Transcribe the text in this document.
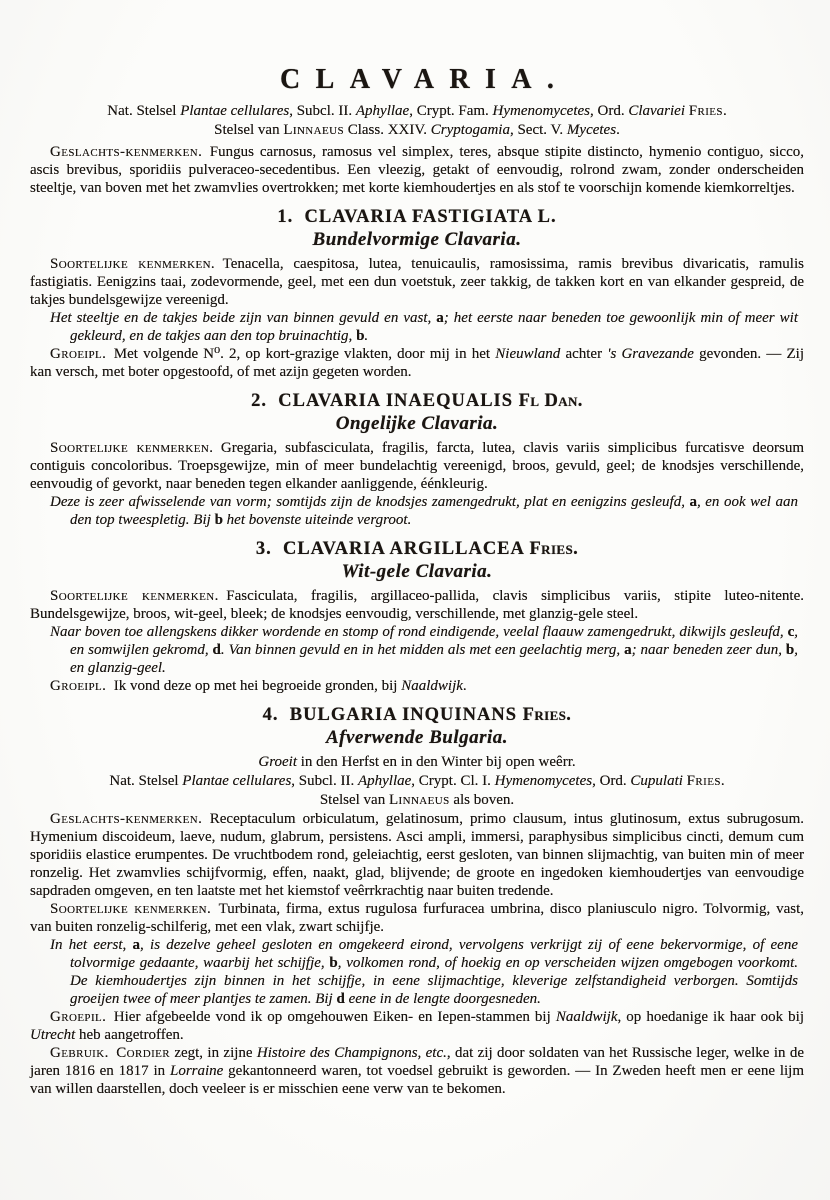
CLAVARIA.

Nat. Stelsel Plantae cellulares, Subcl. II. Aphyllae, Crypt. Fam. Hymenomycetes, Ord. Clavariei Fries.

Stelsel van Linnaeus Class. XXIV. Cryptogamia, Sect. V. Mycetes.

Geslachts-kenmerken. Fungus carnosus, ramosus vel simplex, teres, absque stipite distincto, hymenio contiguo, sicco, ascis brevibus, sporidiis pulveraceo-secedentibus. Een vleezig, getakt of eenvoudig, rolrond zwam, zonder onderscheiden steeltje, van boven met het zwamvlies overtrokken; met korte kiemhoudertjes en als stof te voorschijn komende kiemkorreltjes.

1.  CLAVARIA FASTIGIATA L.
Bundelvormige Clavaria.

Soortelijke kenmerken. Tenacella, caespitosa, lutea, tenuicaulis, ramosissima, ramis brevibus divaricatis, ramulis fastigiatis. Eenigzins taai, zodevormende, geel, met een dun voetstuk, zeer takkig, de takken kort en van elkander gespreid, de takjes bundelsgewijze vereenigd.

Het steeltje en de takjes beide zijn van binnen gevuld en vast, a; het eerste naar beneden toe gewoonlijk min of meer wit gekleurd, en de takjes aan den top bruinachtig, b.

Groeipl. Met volgende N⁰. 2, op kort-grazige vlakten, door mij in het Nieuwland achter 's Gravezande gevonden. — Zij kan versch, met boter opgestoofd, of met azijn gegeten worden.

2.  CLAVARIA INAEQUALIS Fl Dan.
Ongelijke Clavaria.

Soortelijke kenmerken. Gregaria, subfasciculata, fragilis, farcta, lutea, clavis variis simplicibus furcatisve deorsum contiguis concoloribus. Troepsgewijze, min of meer bundelachtig vereenigd, broos, gevuld, geel; de knodsjes verschillende, eenvoudig of gevorkt, naar beneden tegen elkander aanliggende, éénkleurig.

Deze is zeer afwisselende van vorm; somtijds zijn de knodsjes zamengedrukt, plat en eenigzins gesleufd, a, en ook wel aan den top tweespletig. Bij b het bovenste uiteinde vergroot.

3.  CLAVARIA ARGILLACEA Fries.
Wit-gele Clavaria.

Soortelijke kenmerken. Fasciculata, fragilis, argillaceo-pallida, clavis simplicibus variis, stipite luteo-nitente. Bundelsgewijze, broos, wit-geel, bleek; de knodsjes eenvoudig, verschillende, met glanzig-gele steel.

Naar boven toe allengskens dikker wordende en stomp of rond eindigende, veelal flaauw zamengedrukt, dikwijls gesleufd, c, en somwijlen gekromd, d. Van binnen gevuld en in het midden als met een geelachtig merg, a; naar beneden zeer dun, b, en glanzig-geel.

Groeipl. Ik vond deze op met hei begroeide gronden, bij Naaldwijk.

4.  BULGARIA INQUINANS Fries.
Afverwende Bulgaria.

Groeit in den Herfst en in den Winter bij open weêrr.

Nat. Stelsel Plantae cellulares, Subcl. II. Aphyllae, Crypt. Cl. I. Hymenomycetes, Ord. Cupulati Fries.

Stelsel van Linnaeus als boven.

Geslachts-kenmerken. Receptaculum orbiculatum, gelatinosum, primo clausum, intus glutinosum, extus subrugosum. Hymenium discoideum, laeve, nudum, glabrum, persistens. Asci ampli, immersi, paraphysibus simplicibus cincti, demum cum sporidiis elastice erumpentes. De vruchtbodem rond, geleiachtig, eerst gesloten, van binnen slijmachtig, van buiten min of meer ronzelig. Het zwamvlies schijfvormig, effen, naakt, glad, blijvende; de groote en ingedoken kiemhoudertjes van eenvoudige sapdraden omgeven, en ten laatste met het kiemstof veêrrkrachtig naar buiten tredende.

Soortelijke kenmerken. Turbinata, firma, extus rugulosa furfuracea umbrina, disco planiusculo nigro. Tolvormig, vast, van buiten ronzelig-schilferig, met een vlak, zwart schijfje.

In het eerst, a, is dezelve geheel gesloten en omgekeerd eirond, vervolgens verkrijgt zij of eene bekervormige, of eene tolvormige gedaante, waarbij het schijfje, b, volkomen rond, of hoekig en op verscheiden wijzen omgebogen voorkomt. De kiemhoudertjes zijn binnen in het schijfje, in eene slijmachtige, kleverige zelfstandigheid verborgen. Somtijds groeijen twee of meer plantjes te zamen. Bij d eene in de lengte doorgesneden.

Groepil. Hier afgebeelde vond ik op omgehouwen Eiken- en Iepen-stammen bij Naaldwijk, op hoedanige ik haar ook bij Utrecht heb aangetroffen.

Gebruik.  Cordier zegt, in zijne Histoire des Champignons, etc., dat zij door soldaten van het Russische leger, welke in de jaren 1816 en 1817 in Lorraine gekantonneerd waren, tot voedsel gebruikt is geworden. — In Zweden heeft men er eene lijm van willen daarstellen, doch veeleer is er misschien eene verw van te bekomen.
